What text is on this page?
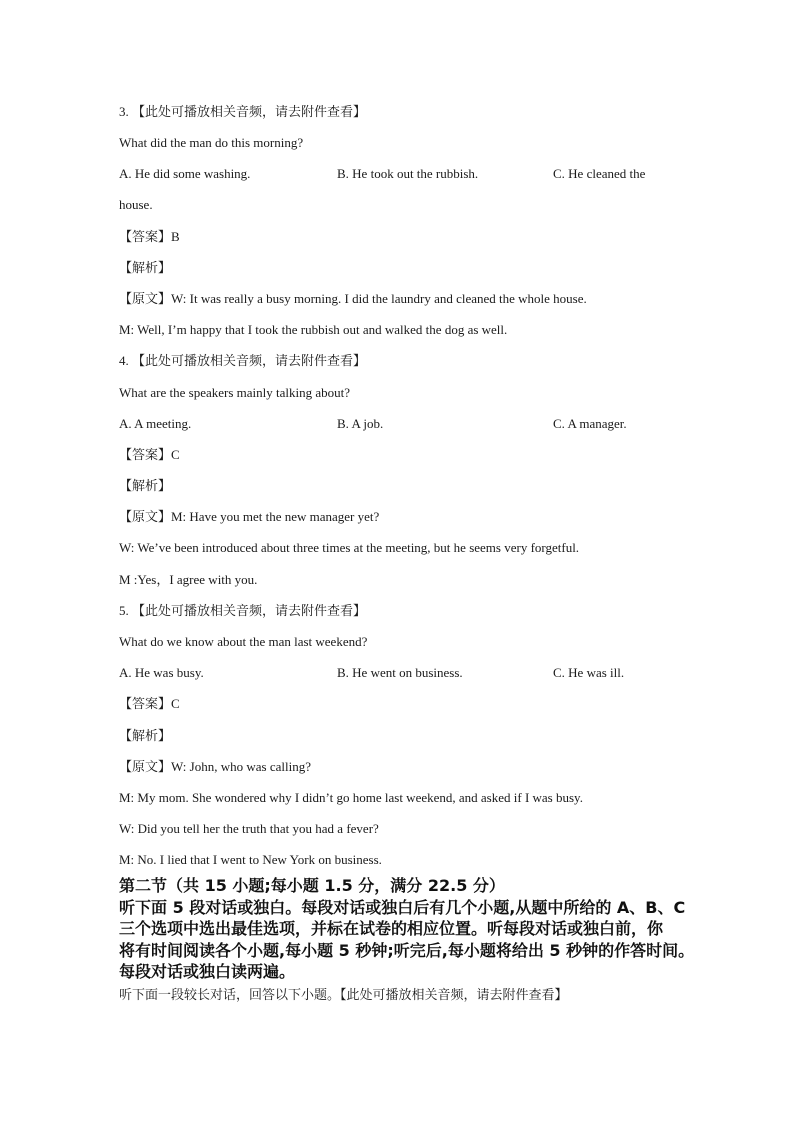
3. 【此处可播放相关音频，请去附件查看】
What did the man do this morning?
A. He did some washing.	B. He took out the rubbish.	C. He cleaned the
house.
【答案】B
【解析】
【原文】W: It was really a busy morning. I did the laundry and cleaned the whole house.
M: Well, I’m happy that I took the rubbish out and walked the dog as well.
4. 【此处可播放相关音频，请去附件查看】
What are the speakers mainly talking about?
A. A meeting.	B. A job.	C. A manager.
【答案】C
【解析】
【原文】M: Have you met the new manager yet?
W: We’ve been introduced about three times at the meeting, but he seems very forgetful.
M :Yes，I agree with you.
5. 【此处可播放相关音频，请去附件查看】
What do we know about the man last weekend?
A. He was busy.	B. He went on business.	C. He was ill.
【答案】C
【解析】
【原文】W: John, who was calling?
M: My mom. She wondered why I didn’t go home last weekend, and asked if I was busy.
W: Did you tell her the truth that you had a fever?
M: No. I lied that I went to New York on business.
第二节（共 15 小题;每小题 1.5 分，满分 22.5 分）
听下面 5 段对话或独白。每段对话或独白后有几个小题,从题中所给的 A、B、C
三个选项中选出最佳选项，并标在试卷的相应位置。听每段对话或独白前，你
将有时间阅读各个小题,每小题 5 秒钟;听完后,每小题将给出 5 秒钟的作答时间。
每段对话或独白读两遍。
听下面一段较长对话，回答以下小题。【此处可播放相关音频，请去附件查看】
